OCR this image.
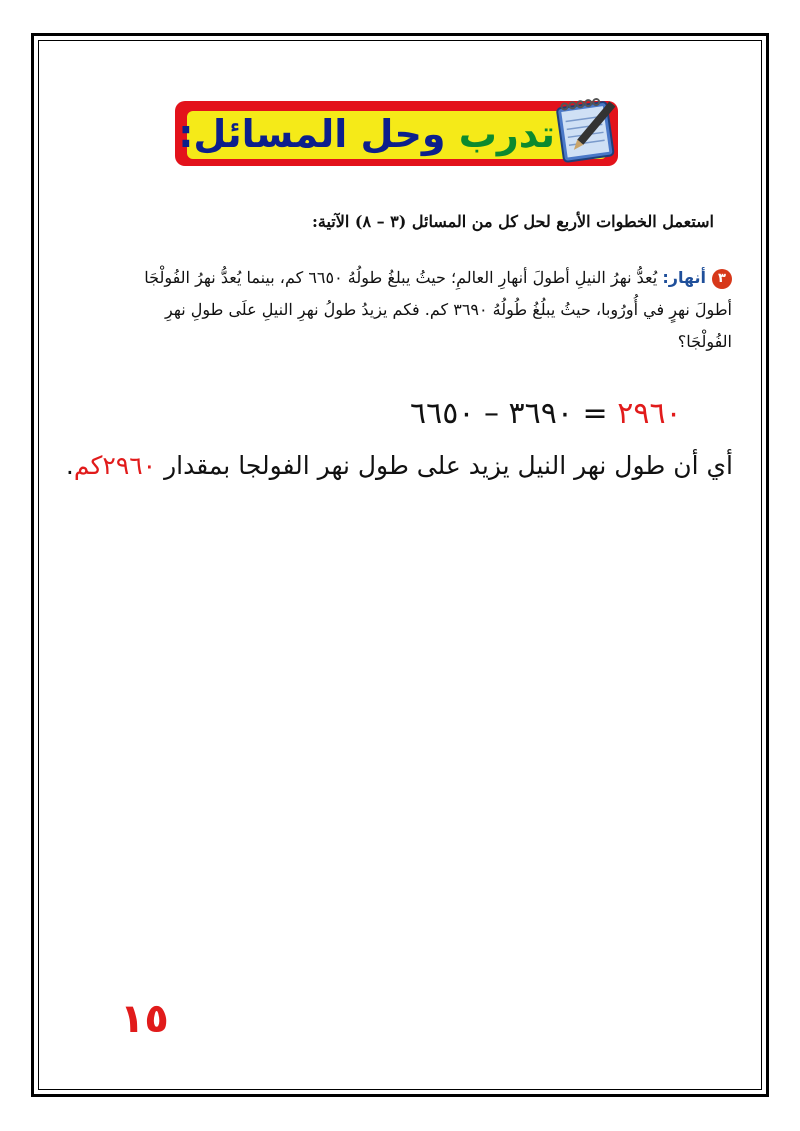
تدرب وحل المسائل:
استعمل الخطوات الأربع لحل كل من المسائل (٣ – ٨) الآتية:
٣أنهار: يُعدُّ نهرُ النيلِ أطولَ أنهارِ العالمِ؛ حيثُ يبلغُ طولُهُ ٦٦٥٠ كم، بينما يُعدُّ نهرُ الفُولْجَا أطولَ نهرٍ في أُورُوبا، حيثُ يبلُغُ طُولُهُ ٣٦٩٠ كم. فكم يزيدُ طولُ نهرِ النيلِ علَى طولِ نهرِ الفُولْجَا؟
٢٩٦٠ = ٣٦٩٠ – ٦٦٥٠
أي أن طول نهر النيل يزيد على طول نهر الفولجا بمقدار ٢٩٦٠كم.
١٥
